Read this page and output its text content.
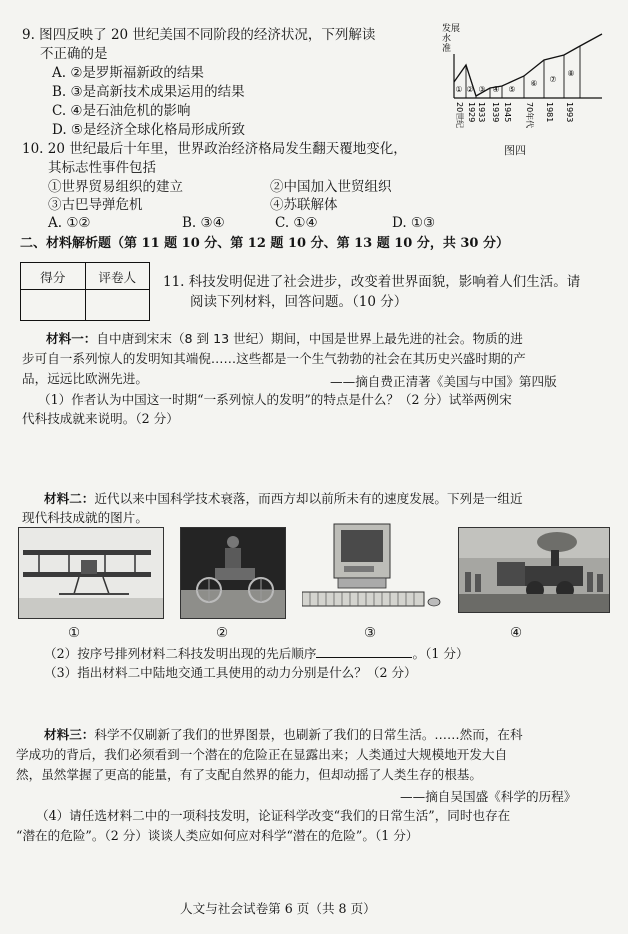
9. 图四反映了 20 世纪美国不同阶段的经济状况，下列解读
不正确的是
A. ②是罗斯福新政的结果
B. ③是高新技术成果运用的结果
C. ④是石油危机的影响
D. ⑤是经济全球化格局形成所致
发展
水
准
① ② ③ ④ ⑤
⑥ ⑦
⑧
20世纪 1929 1933 1939 1945 70年代 1981 1993
图四
10. 20 世纪最后十年里，世界政治经济格局发生翻天覆地变化，
其标志性事件包括
①世界贸易组织的建立	②中国加入世贸组织
③古巴导弹危机	④苏联解体
A. ①②	B. ③④	C. ①④	D. ①③
二、材料解析题（第 11 题 10 分、第 12 题 10 分、第 13 题 10 分，共 30 分）
得分	评卷人
	11. 科技发明促进了社会进步，改变着世界面貌，影响着人们生活。请
阅读下列材料，回答问题。（10 分）
材料一：自中唐到宋末（8 到 13 世纪）期间，中国是世界上最先进的社会。物质的进
步可自一系列惊人的发明知其端倪……这些都是一个生气勃勃的社会在其历史兴盛时期的产
品，远远比欧洲先进。	——摘自费正清著《美国与中国》第四版
（1）作者认为中国这一时期“一系列惊人的发明”的特点是什么？（2 分）试举两例宋
代科技成就来说明。（2 分）
材料二：近代以来中国科学技术衰落，而西方却以前所未有的速度发展。下列是一组近
现代科技成就的图片。
①	②	③	④
（2）按序号排列材料二科技发明出现的先后顺序	。（1 分）
（3）指出材料二中陆地交通工具使用的动力分别是什么？（2 分）
材料三：科学不仅刷新了我们的世界图景，也刷新了我们的日常生活。……然而，在科
学成功的背后，我们必须看到一个潜在的危险正在显露出来；人类通过大规模地开发大自
然，虽然掌握了更高的能量，有了支配自然界的能力，但却动摇了人类生存的根基。
——摘自吴国盛《科学的历程》
（4）请任选材料二中的一项科技发明，论证科学改变“我们的日常生活”，同时也存在
“潜在的危险”。（2 分）谈谈人类应如何应对科学“潜在的危险”。（1 分）
人文与社会试卷第 6 页（共 8 页）
